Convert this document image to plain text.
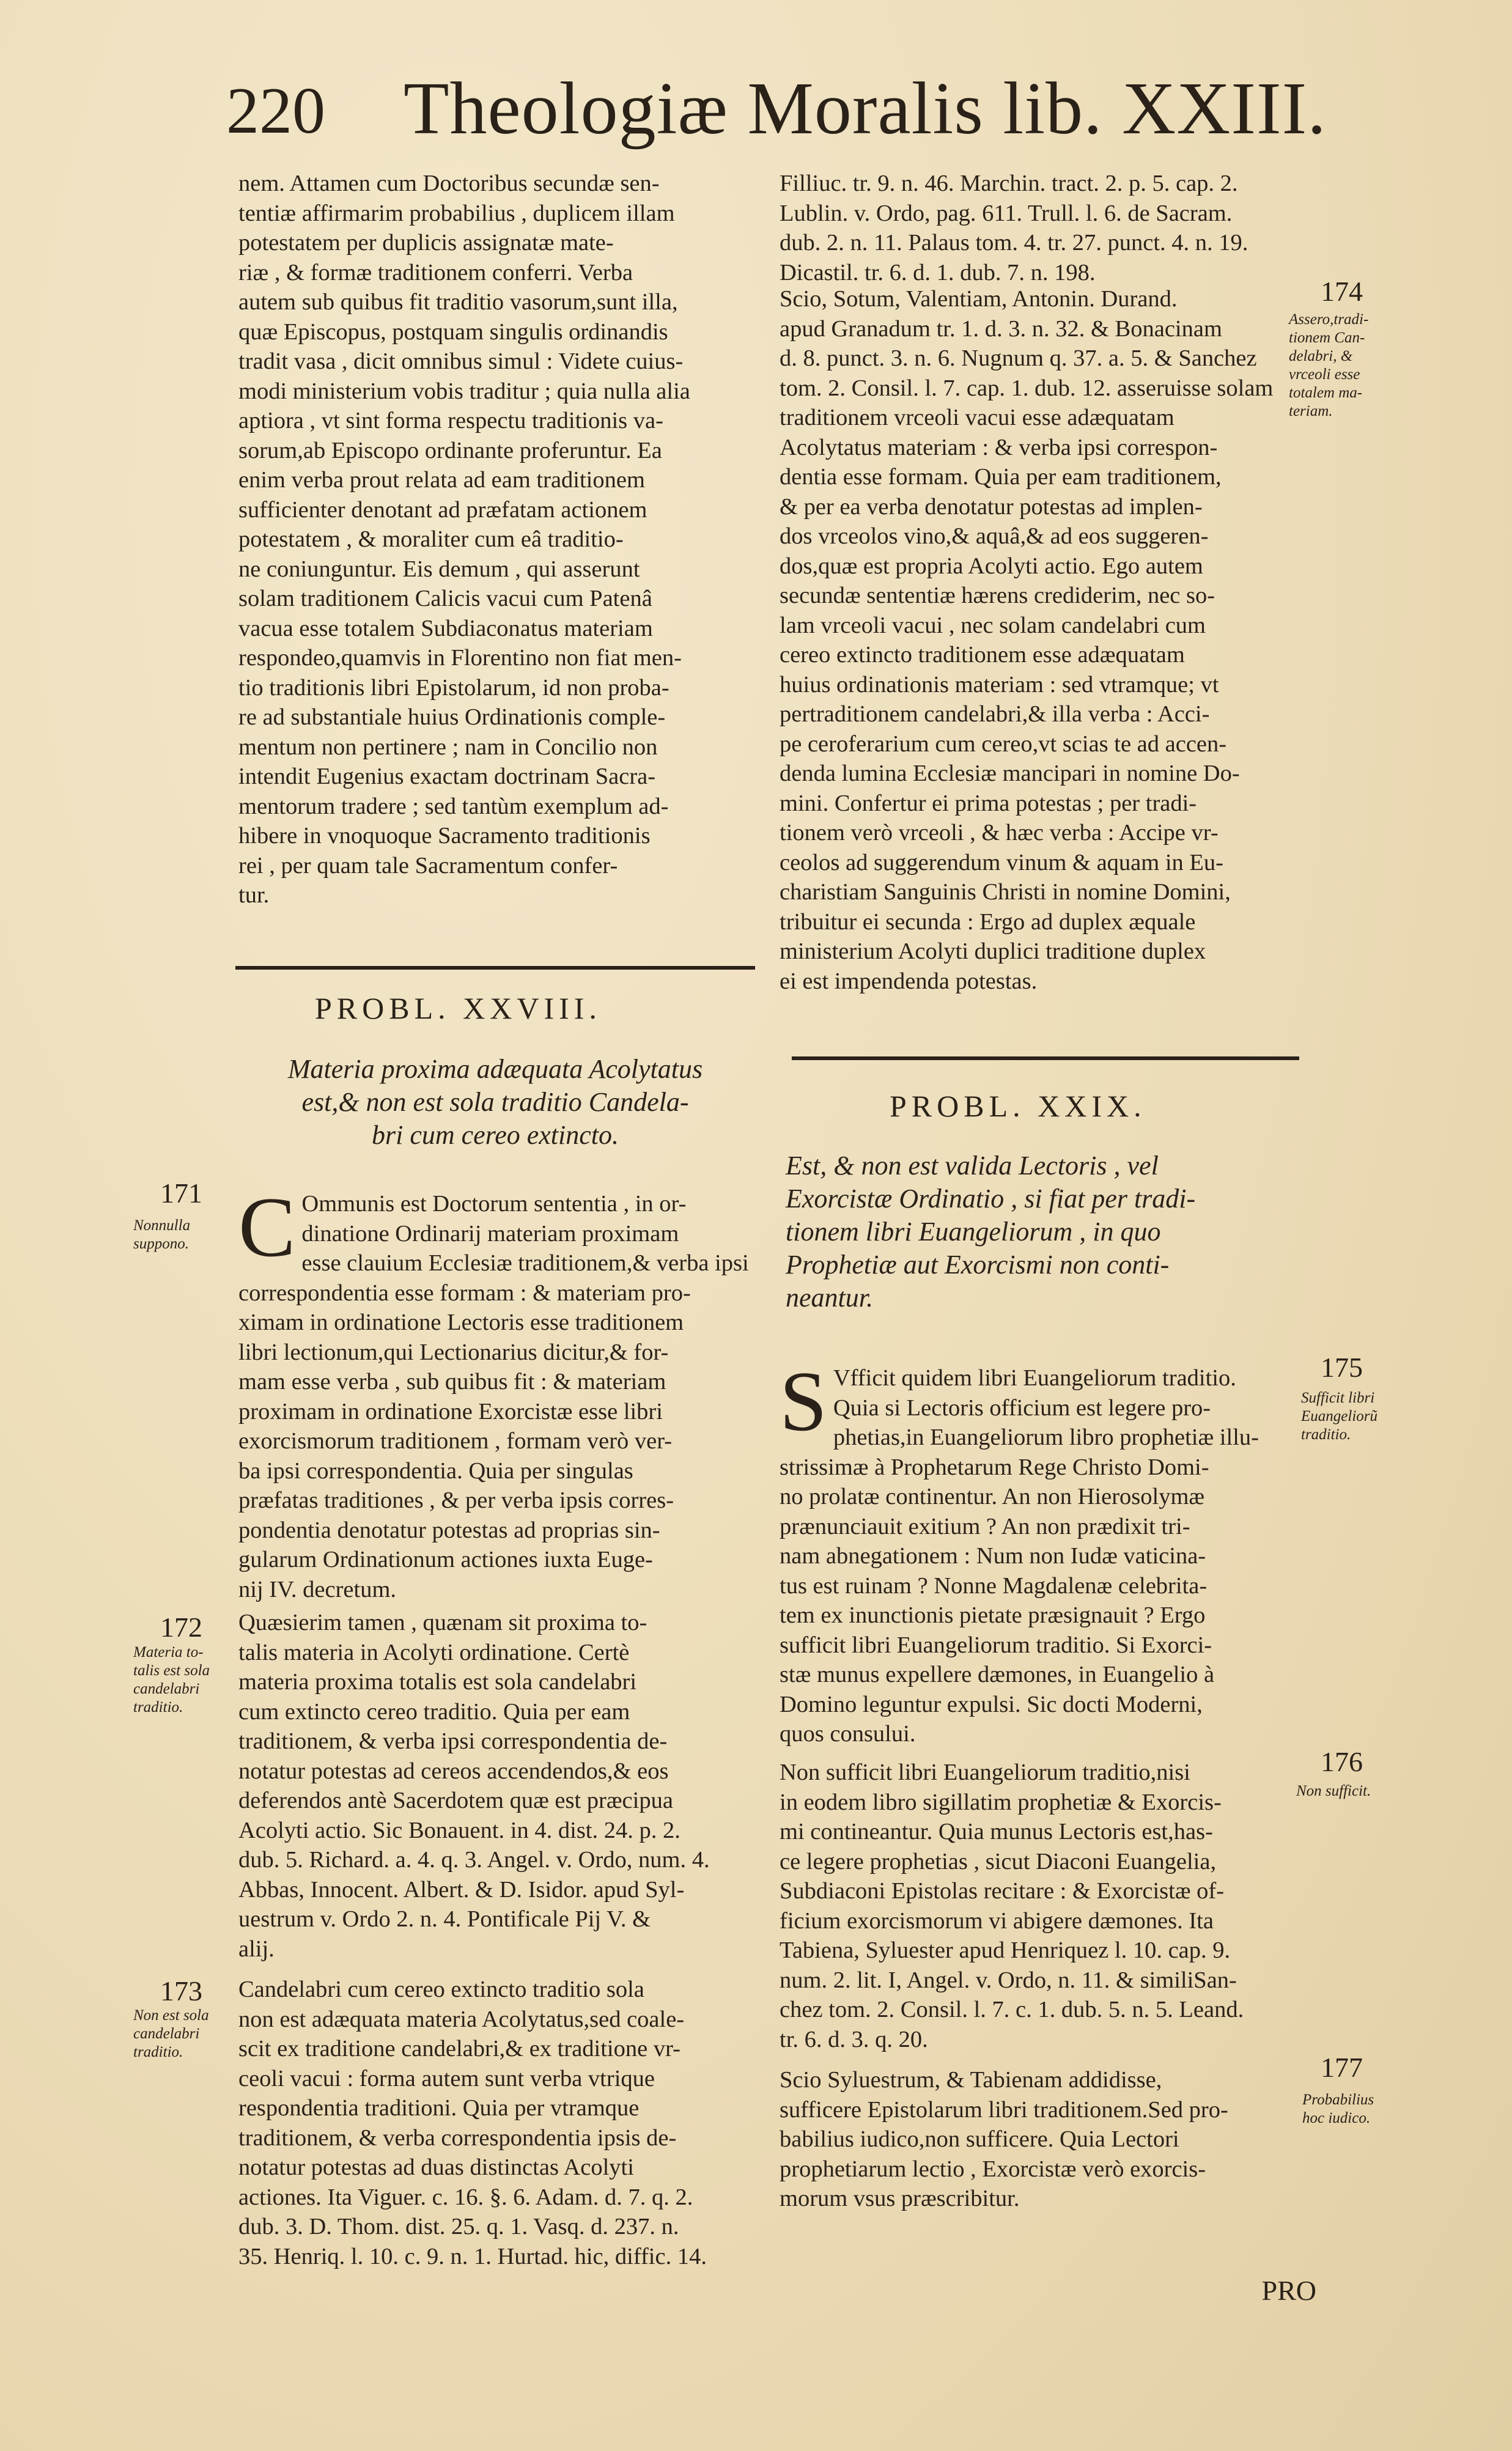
220 Theologiæ Moralis lib. XXIII.

nem. Attamen cum Doctoribus secundæ sen-
tentiæ affirmarim probabilius , duplicem illam
potestatem per duplicis assignatæ mate-
riæ , & formæ traditionem conferri. Verba
autem sub quibus fit traditio vasorum,sunt illa,
quæ Episcopus, postquam singulis ordinandis
tradit vasa , dicit omnibus simul : Videte cuius-
modi ministerium vobis traditur ; quia nulla alia
aptiora , vt sint forma respectu traditionis va-
sorum,ab Episcopo ordinante proferuntur. Ea
enim verba prout relata ad eam traditionem
sufficienter denotant ad præfatam actionem
potestatem , & moraliter cum eâ traditio-
ne coniunguntur. Eis demum , qui asserunt
solam traditionem Calicis vacui cum Patenâ
vacua esse totalem Subdiaconatus materiam
respondeo,quamvis in Florentino non fiat men-
tio traditionis libri Epistolarum, id non proba-
re ad substantiale huius Ordinationis comple-
mentum non pertinere ; nam in Concilio non
intendit Eugenius exactam doctrinam Sacra-
mentorum tradere ; sed tantùm exemplum ad-
hibere in vnoquoque Sacramento traditionis
rei , per quam tale Sacramentum confer-
tur.

PROBL. XXVIII.
Materia proxima adæquata Acolytatus
est,& non est sola traditio Candela-
bri cum cereo extincto.
171
Nonnulla
suppono. C Ommunis est Doctorum sententia , in or-
dinatione Ordinarij materiam proximam
esse clauium Ecclesiæ traditionem,& verba ipsi
correspondentia esse formam : & materiam pro-
ximam in ordinatione Lectoris esse traditionem
libri lectionum,qui Lectionarius dicitur,& for-
mam esse verba , sub quibus fit : & materiam
proximam in ordinatione Exorcistæ esse libri
exorcismorum traditionem , formam verò ver-
ba ipsi correspondentia. Quia per singulas
præfatas traditiones , & per verba ipsis corres-
pondentia denotatur potestas ad proprias sin-
gularum Ordinationum actiones iuxta Euge-
nij IV. decretum.
172
Materia to-
talis est sola
candelabri
traditio.
Quæsierim tamen , quænam sit proxima to-
talis materia in Acolyti ordinatione. Certè
materia proxima totalis est sola candelabri
cum extincto cereo traditio. Quia per eam
traditionem, & verba ipsi correspondentia de-
notatur potestas ad cereos accendendos,& eos
deferendos antè Sacerdotem quæ est præcipua
Acolyti actio. Sic Bonauent. in 4. dist. 24. p. 2.
dub. 5. Richard. a. 4. q. 3. Angel. v. Ordo, num. 4.
Abbas, Innocent. Albert. & D. Isidor. apud Syl-
uestrum v. Ordo 2. n. 4. Pontificale Pij V. &
alij.
173
Non est sola
candelabri
traditio.
Candelabri cum cereo extincto traditio sola
non est adæquata materia Acolytatus,sed coale-
scit ex traditione candelabri,& ex traditione vr-
ceoli vacui : forma autem sunt verba vtrique
respondentia traditioni. Quia per vtramque
traditionem, & verba correspondentia ipsis de-
notatur potestas ad duas distinctas Acolyti
actiones. Ita Viguer. c. 16. §. 6. Adam. d. 7. q. 2.
dub. 3. D. Thom. dist. 25. q. 1. Vasq. d. 237. n.
35. Henriq. l. 10. c. 9. n. 1. Hurtad. hic, diffic. 14.
Filliuc. tr. 9. n. 46. Marchin. tract. 2. p. 5. cap. 2.
Lublin. v. Ordo, pag. 611. Trull. l. 6. de Sacram.
dub. 2. n. 11. Palaus tom. 4. tr. 27. punct. 4. n. 19.
Dicastil. tr. 6. d. 1. dub. 7. n. 198.
174
Assero,tradi-
tionem Can-
delabri, &
vrceoli esse
totalem ma-
teriam.
Scio, Sotum, Valentiam, Antonin. Durand.
apud Granadum tr. 1. d. 3. n. 32. & Bonacinam
d. 8. punct. 3. n. 6. Nugnum q. 37. a. 5. & Sanchez
tom. 2. Consil. l. 7. cap. 1. dub. 12. asseruisse solam
traditionem vrceoli vacui esse adæquatam
Acolytatus materiam : & verba ipsi correspon-
dentia esse formam. Quia per eam traditionem,
& per ea verba denotatur potestas ad implen-
dos vrceolos vino,& aquâ,& ad eos suggeren-
dos,quæ est propria Acolyti actio. Ego autem
secundæ sententiæ hærens crediderim, nec so-
lam vrceoli vacui , nec solam candelabri cum
cereo extincto traditionem esse adæquatam
huius ordinationis materiam : sed vtramque; vt
pertraditionem candelabri,& illa verba : Acci-
pe ceroferarium cum cereo,vt scias te ad accen-
denda lumina Ecclesiæ mancipari in nomine Do-
mini. Confertur ei prima potestas ; per tradi-
tionem verò vrceoli , & hæc verba : Accipe vr-
ceolos ad suggerendum vinum & aquam in Eu-
charistiam Sanguinis Christi in nomine Domini,
tribuitur ei secunda : Ergo ad duplex æquale
ministerium Acolyti duplici traditione duplex
ei est impendenda potestas.
PROBL. XXIX.
Est, & non est valida Lectoris , vel
Exorcistæ Ordinatio , si fiat per tradi-
tionem libri Euangeliorum , in quo
Prophetiæ aut Exorcismi non conti-
neantur.
175
Sufficit libri
Euangeliorũ
traditio.
S Vfficit quidem libri Euangeliorum traditio.
Quia si Lectoris officium est legere pro-
phetias,in Euangeliorum libro prophetiæ illu-
strissimæ à Prophetarum Rege Christo Domi-
no prolatæ continentur. An non Hierosolymæ
prænunciauit exitium ? An non prædixit tri-
nam abnegationem : Num non Iudæ vaticina-
tus est ruinam ? Nonne Magdalenæ celebrita-
tem ex inunctionis pietate præsignauit ? Ergo
sufficit libri Euangeliorum traditio. Si Exorci-
stæ munus expellere dæmones, in Euangelio à
Domino leguntur expulsi. Sic docti Moderni,
quos consului.
176
Non sufficit.
Non sufficit libri Euangeliorum traditio,nisi
in eodem libro sigillatim prophetiæ & Exorcis-
mi contineantur. Quia munus Lectoris est,has-
ce legere prophetias , sicut Diaconi Euangelia,
Subdiaconi Epistolas recitare : & Exorcistæ of-
ficium exorcismorum vi abigere dæmones. Ita
Tabiena, Syluester apud Henriquez l. 10. cap. 9.
num. 2. lit. I, Angel. v. Ordo, n. 11. & similiSan-
chez tom. 2. Consil. l. 7. c. 1. dub. 5. n. 5. Leand.
tr. 6. d. 3. q. 20.
177
Probabilius
hoc iudico.
Scio Syluestrum, & Tabienam addidisse,
sufficere Epistolarum libri traditionem.Sed pro-
babilius iudico,non sufficere. Quia Lectori
prophetiarum lectio , Exorcistæ verò exorcis-
morum vsus præscribitur.
PRO
